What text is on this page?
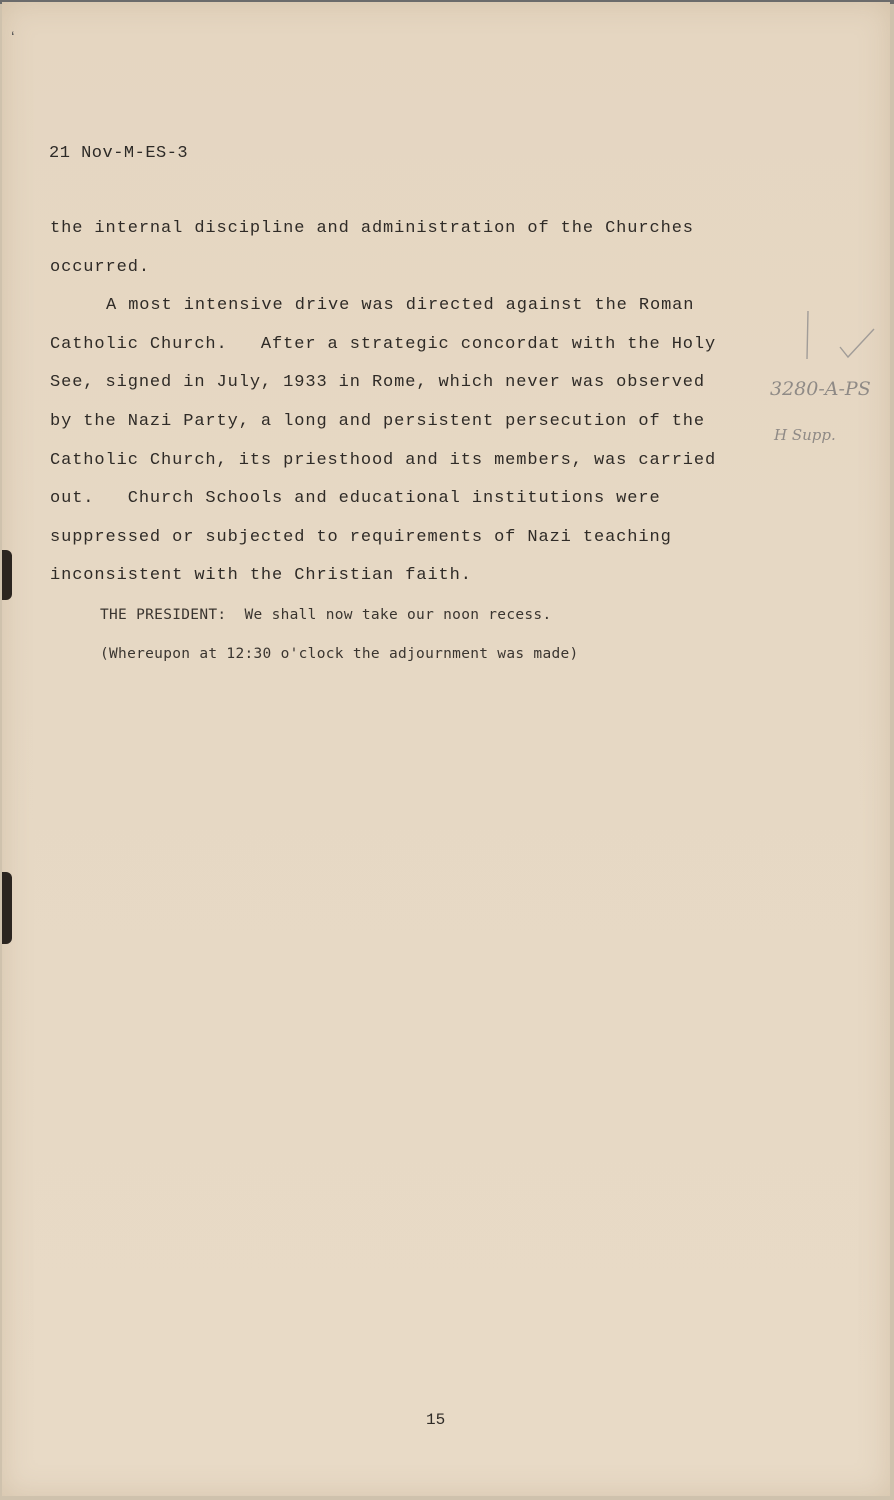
ʻ
21 Nov-M-ES-3
the internal discipline and administration of the Churches
occurred.
A most intensive drive was directed against the Roman
Catholic Church.   After a strategic concordat with the Holy
See, signed in July, 1933 in Rome, which never was observed
by the Nazi Party, a long and persistent persecution of the
Catholic Church, its priesthood and its members, was carried
out.   Church Schools and educational institutions were
suppressed or subjected to requirements of Nazi teaching
inconsistent with the Christian faith.
THE PRESIDENT:  We shall now take our noon recess.
(Whereupon at 12:30 o'clock the adjournment was made)
3280-A-PS
H Supp.
15
